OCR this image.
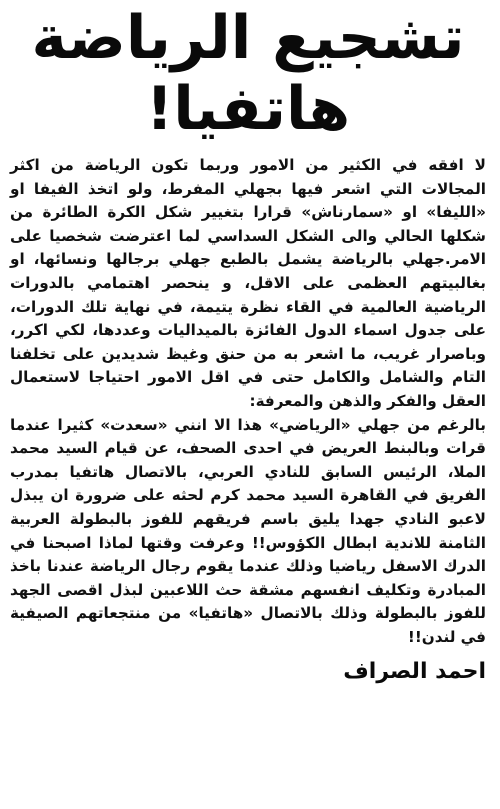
تشجيع الرياضة
هاتفيا!

لا افقه في الكثير من الامور وربما تكون الرياضة من اكثر المجالات التي اشعر فيها بجهلي المفرط، ولو اتخذ الفيفا او «الليفا» او «سمارناش» قرارا بتغيير شكل الكرة الطائرة من شكلها الحالي والى الشكل السداسي لما اعترضت شخصيا على الامر.جهلي بالرياضة يشمل بالطبع جهلي برجالها ونسائها، او بغالبيتهم العظمى على الاقل، و ينحصر اهتمامي بالدورات الرياضية العالمية في القاء نظرة يتيمة، في نهاية تلك الدورات، على جدول اسماء الدول الفائزة بالميداليات وعددها، لكي اكرر، وباصرار غريب، ما اشعر به من حنق وغيظ شديدين على تخلفنا التام والشامل والكامل حتى في اقل الامور احتياجا لاستعمال العقل والفكر والذهن والمعرفة:

بالرغم من جهلي «الرياضي» هذا الا انني «سعدت» كثيرا عندما قرات وبالبنط العريض في احدى الصحف، عن قيام السيد محمد الملا، الرئيس السابق للنادي العربي، بالاتصال هاتفيا بمدرب الفريق في القاهرة السيد محمد كرم لحثه على ضرورة ان يبذل لاعبو النادي جهدا يليق باسم فريقهم للفوز بالبطولة العربية الثامنة للاندية ابطال الكؤوس!! وعرفت وقتها لماذا اصبحنا في الدرك الاسفل رياضيا وذلك عندما يقوم رجال الرياضة عندنا باخذ المبادرة وتكليف انفسهم مشقة حث اللاعبين لبذل اقصى الجهد للفوز بالبطولة وذلك بالاتصال «هاتفيا» من منتجعاتهم الصيفية في لندن!!

احمد الصراف
